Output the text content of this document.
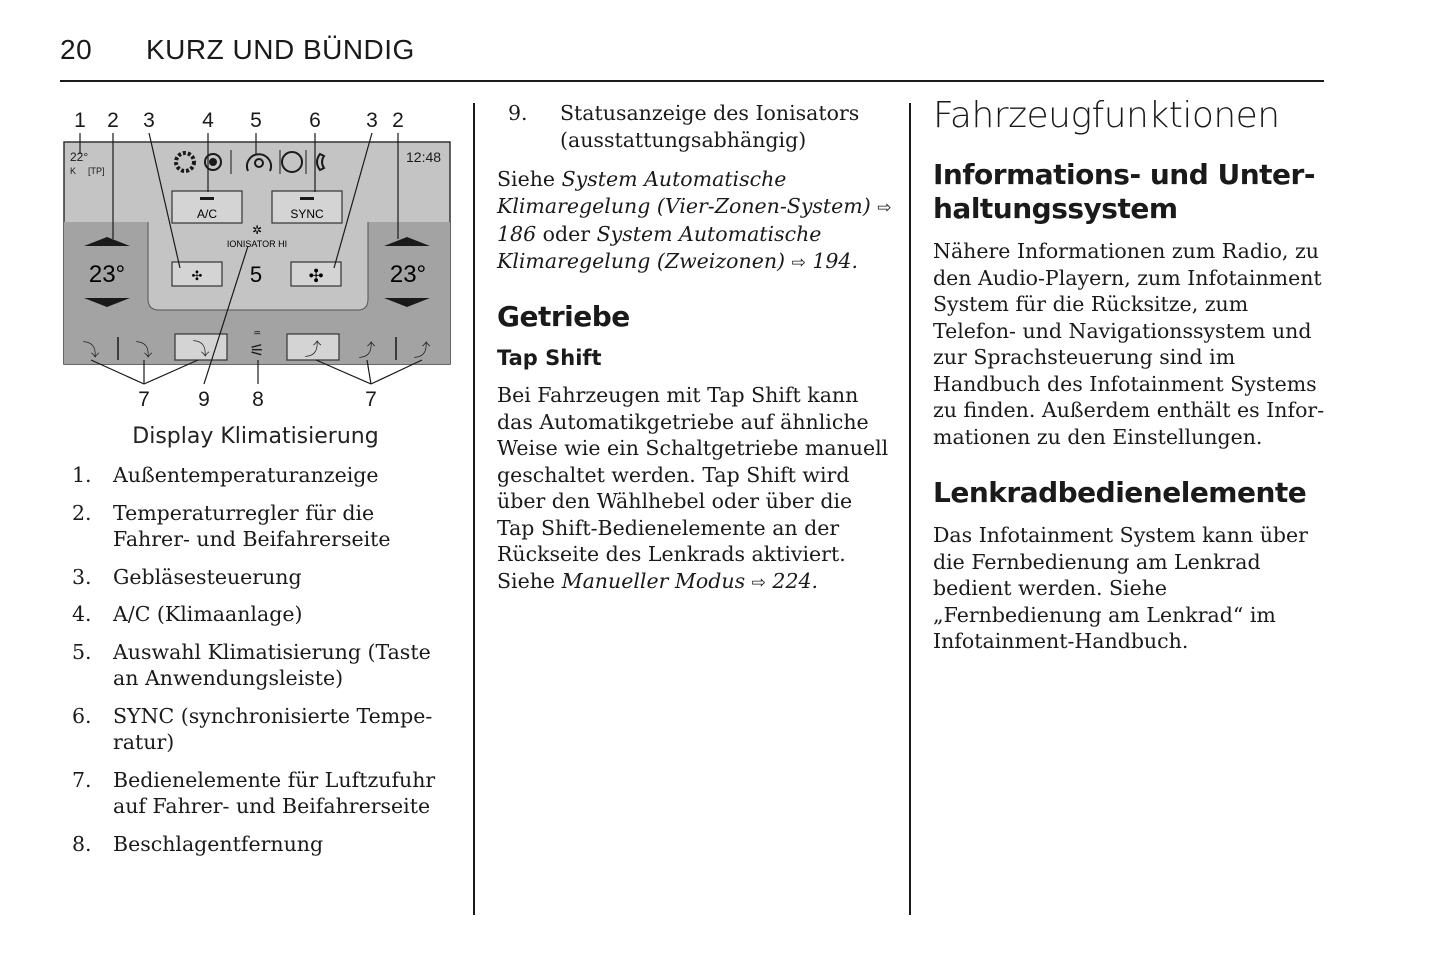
20 KURZ UND BÜNDIG
1 2 3 4 5 6 3 2
7 9 8	7
22°
K [TP]
12:48
A/C	SYNC
✲
IONISATOR HI
✣ 5	✣
23°	23°
⤵ ⤵ ⤵ ⚟
♒
⤴ ⤴ ⤴
Display Klimatisierung
1. Außentemperaturanzeige
2. Temperaturregler für die Fahrer- und Beifahrerseite
3. Gebläsesteuerung
4. A/C (Klimaanlage)
5. Auswahl Klimatisierung (Taste an Anwendungsleiste)
6. SYNC (synchronisierte Temperatur)
7. Bedienelemente für Luftzufuhr auf Fahrer- und Beifahrerseite
8. Beschlagentfernung
9. Statusanzeige des Ionisators (ausstattungsabhängig)

Siehe System Automatische Klimaregelung (Vier-Zonen-System) ⇨ 186 oder System Automatische Klimaregelung (Zweizonen) ⇨ 194.

Getriebe
Tap Shift

Bei Fahrzeugen mit Tap Shift kann das Automatikgetriebe auf ähnliche Weise wie ein Schaltgetriebe manuell geschaltet werden. Tap Shift wird über den Wählhebel oder über die Tap Shift-Bedienelemente an der Rückseite des Lenkrads aktiviert. Siehe Manueller Modus ⇨ 224.

Fahrzeugfunktionen
Informations- und Unterhaltungssystem

Nähere Informationen zum Radio, zu den Audio-Playern, zum Infotainment System für die Rücksitze, zum Telefon- und Navigationssystem und zur Sprachsteuerung sind im Handbuch des Infotainment Systems zu finden. Außerdem enthält es Informationen zu den Einstellungen.

Lenkradbedienelemente

Das Infotainment System kann über die Fernbedienung am Lenkrad bedient werden. Siehe „Fernbedienung am Lenkrad“ im Infotainment-Handbuch.
